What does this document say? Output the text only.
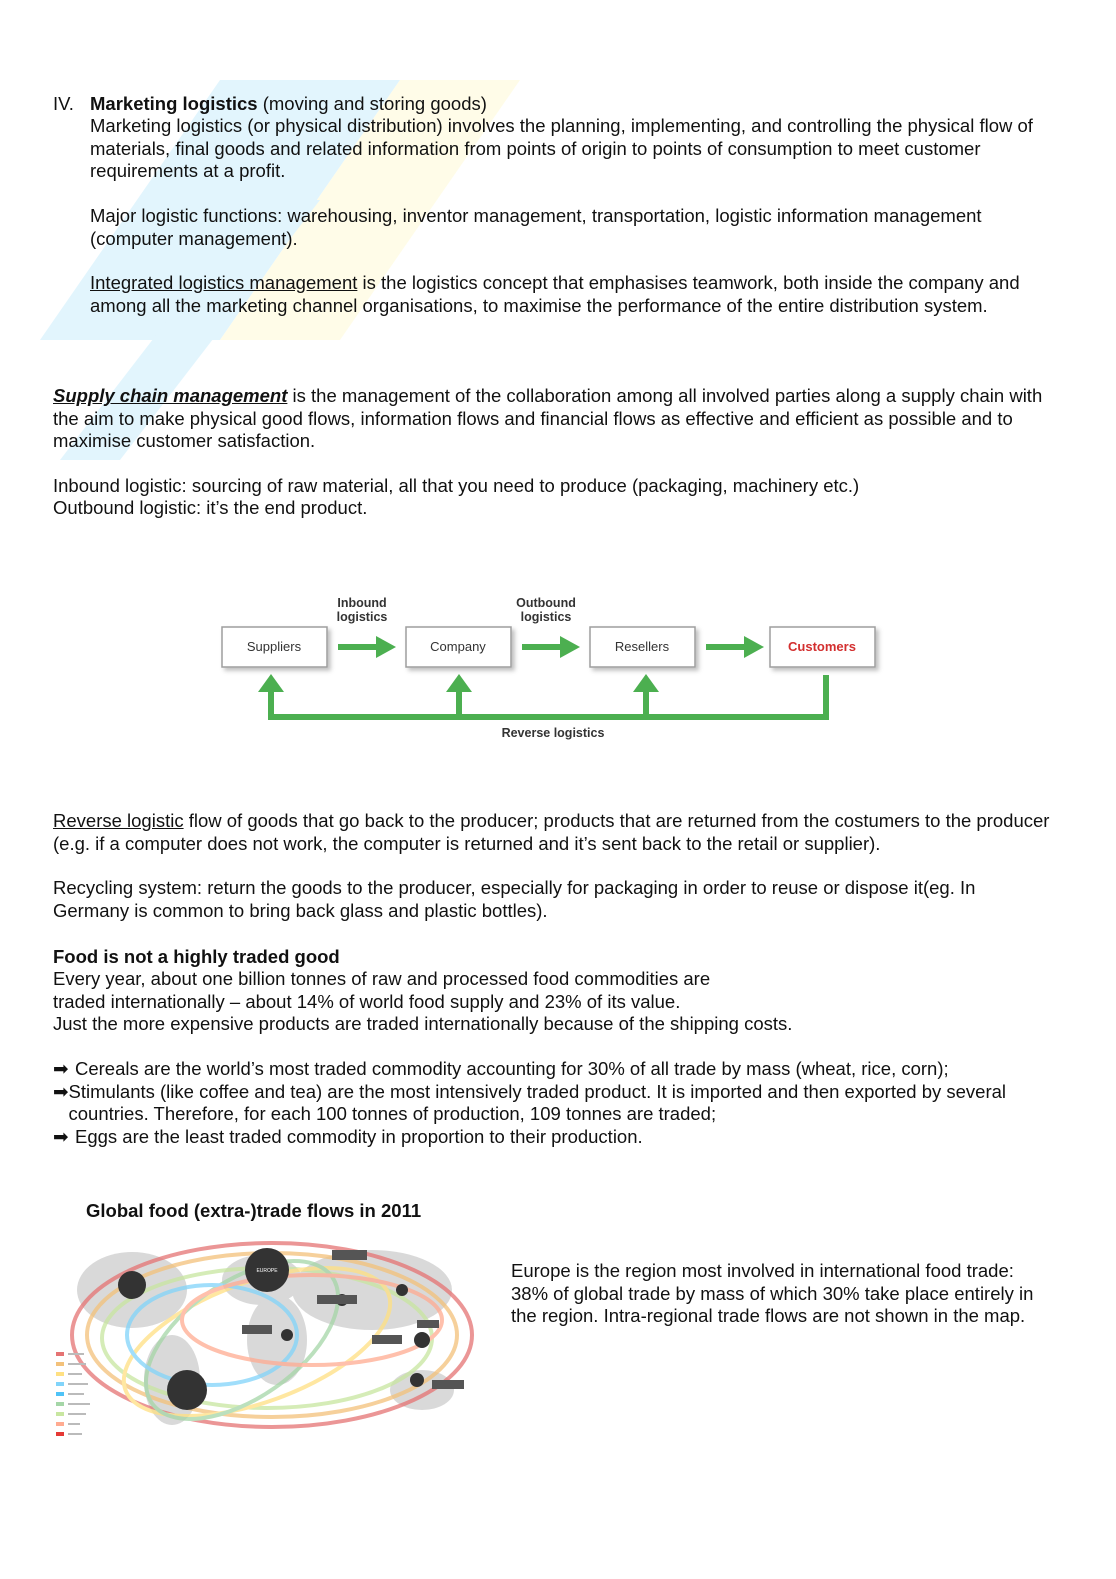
IV. Marketing logistics (moving and storing goods)

Marketing logistics (or physical distribution) involves the planning, implementing, and controlling the physical flow of materials, final goods and related information from points of origin to points of consumption to meet customer requirements at a profit.

Major logistic functions: warehousing, inventor management, transportation, logistic information management (computer management).

Integrated logistics management is the logistics concept that emphasises teamwork, both inside the company and among all the marketing channel organisations, to maximise the performance of the entire distribution system.

Supply chain management is the management of the collaboration among all involved parties along a supply chain with the aim to make physical good flows, information flows and financial flows as effective and efficient as possible and to maximise customer satisfaction.

Inbound logistic: sourcing of raw material, all that you need to produce (packaging, machinery etc.)

Outbound logistic: it’s the end product.

Inbound
logistics
Outbound
logistics
Suppliers	Company	Resellers	Customers
Reverse logistics

Reverse logistic flow of goods that go back to the producer; products that are returned from the costumers to the producer (e.g. if a computer does not work, the computer is returned and it’s sent back to the retail or supplier).

Recycling system: return the goods to the producer, especially for packaging in order to reuse or dispose it(eg. In Germany is common to bring back glass and plastic bottles).

Food is not a highly traded good

Every year, about one billion tonnes of raw and processed food commodities are

traded internationally – about 14% of world food supply and 23% of its value.

Just the more expensive products are traded internationally because of the shipping costs.

➡ Cereals are the world’s most traded commodity accounting for 30% of all trade by mass (wheat, rice, corn);
➡ Stimulants (like coffee and tea) are the most intensively traded product. It is imported and then exported by several countries. Therefore, for each 100 tonnes of production, 109 tonnes are traded;
➡ Eggs are the least traded commodity in proportion to their production.

Global food (extra-)trade flows in 2011

EUROPE	Europe is the region most involved in international food trade: 38% of global trade by mass of which 30% take place entirely in the region. Intra-regional trade flows are not shown in the map.
